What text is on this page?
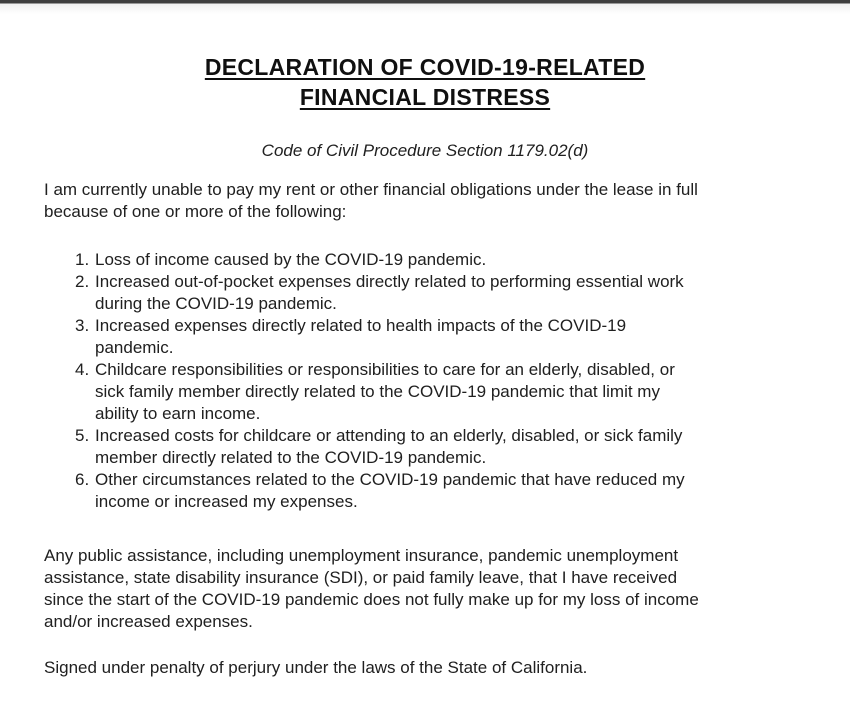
DECLARATION OF COVID-19-RELATED
FINANCIAL DISTRESS
Code of Civil Procedure Section 1179.02(d)
I am currently unable to pay my rent or other financial obligations under the lease in full
because of one or more of the following:
1. Loss of income caused by the COVID-19 pandemic.
2. Increased out-of-pocket expenses directly related to performing essential work
during the COVID-19 pandemic.
3. Increased expenses directly related to health impacts of the COVID-19
pandemic.
4. Childcare responsibilities or responsibilities to care for an elderly, disabled, or
sick family member directly related to the COVID-19 pandemic that limit my
ability to earn income.
5. Increased costs for childcare or attending to an elderly, disabled, or sick family
member directly related to the COVID-19 pandemic.
6. Other circumstances related to the COVID-19 pandemic that have reduced my
income or increased my expenses.
Any public assistance, including unemployment insurance, pandemic unemployment
assistance, state disability insurance (SDI), or paid family leave, that I have received
since the start of the COVID-19 pandemic does not fully make up for my loss of income
and/or increased expenses.
Signed under penalty of perjury under the laws of the State of California.
